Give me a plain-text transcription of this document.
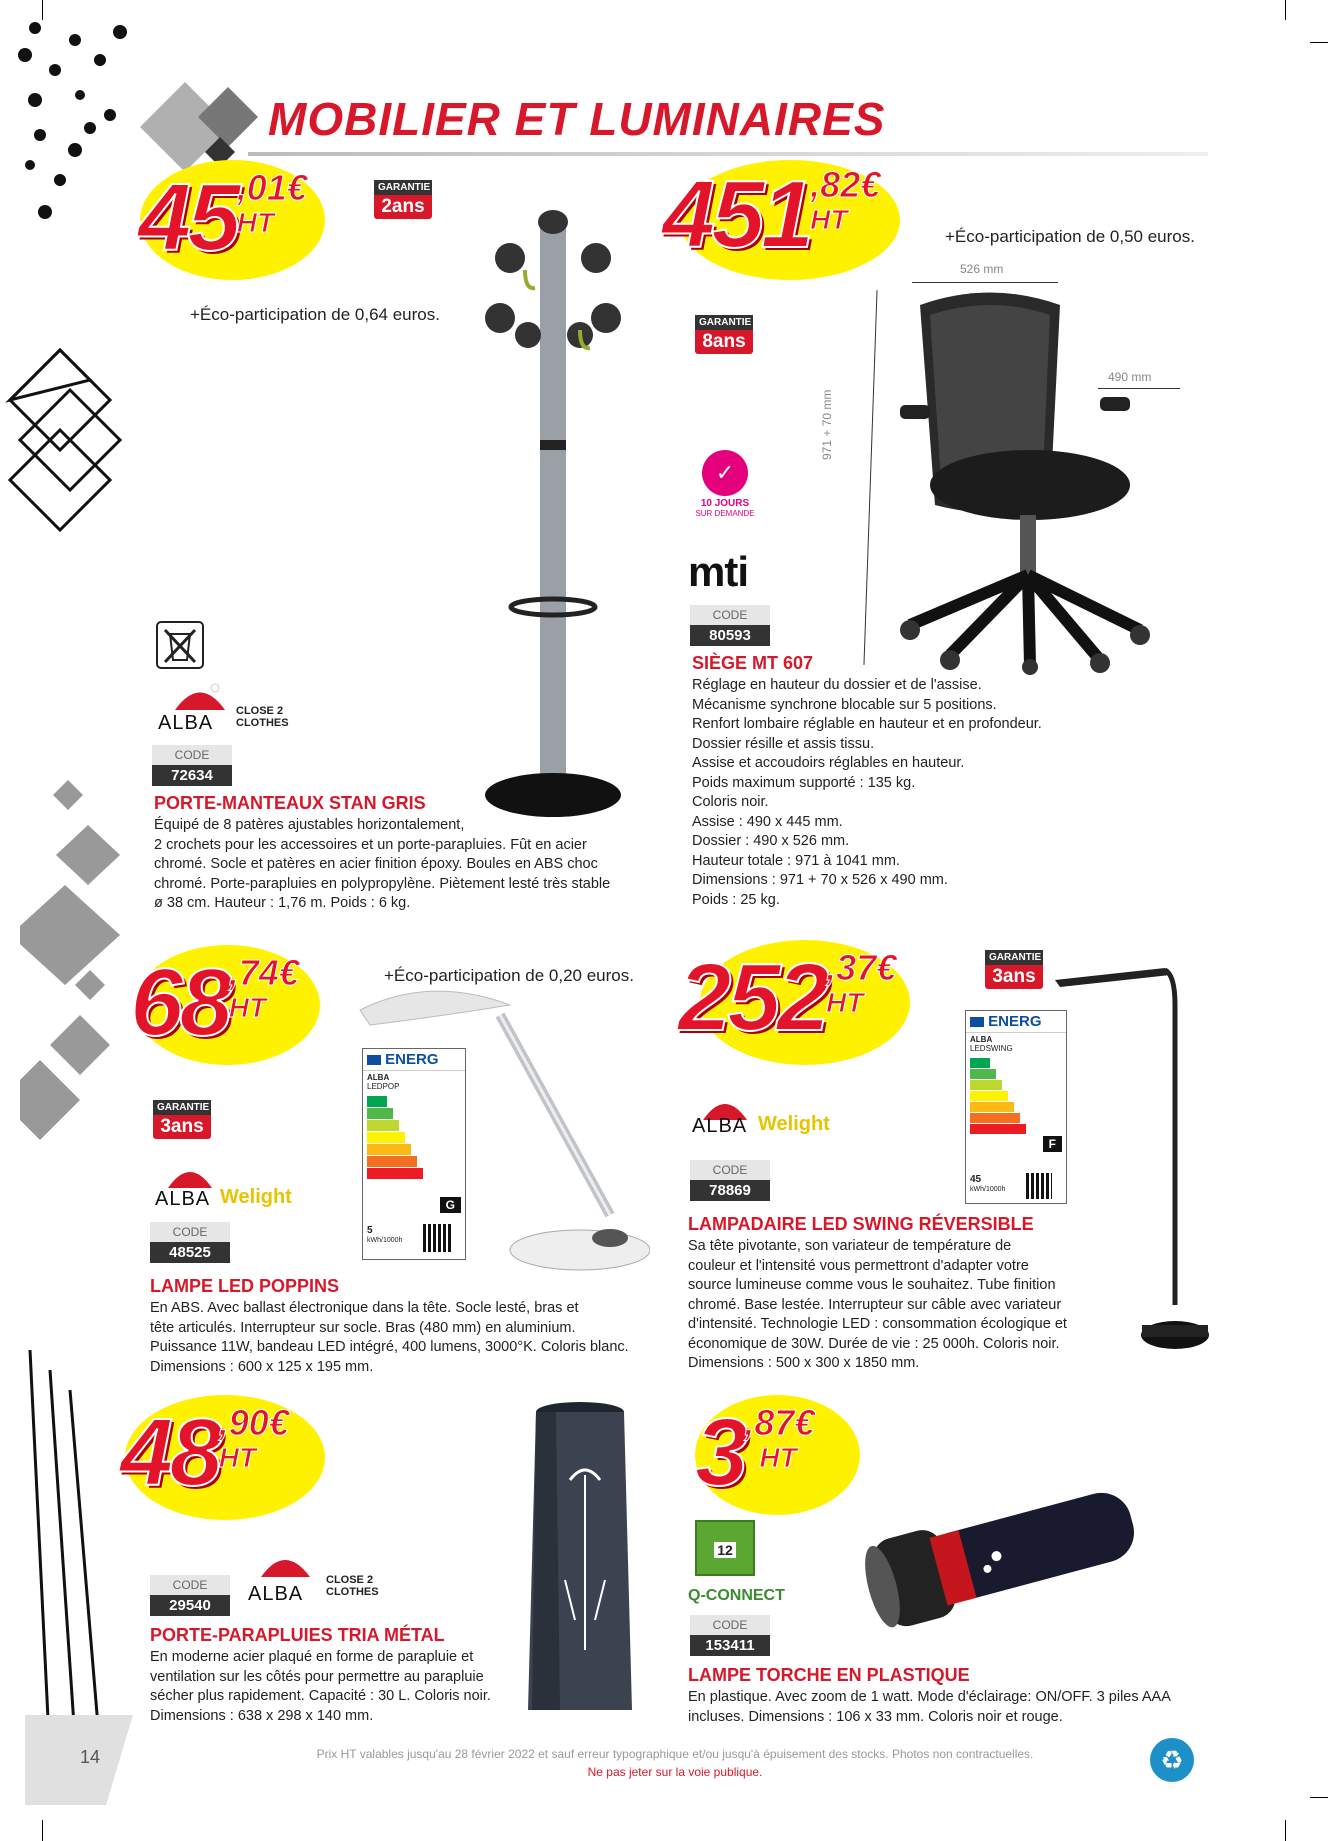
MOBILIER ET LUMINAIRES
45 ,01€
HT
GARANTIE
2ans
+Éco-participation de 0,64 euros.
ALBA
CLOSE 2 CLOTHES
CODE
72634
PORTE-MANTEAUX STAN GRIS
Équipé de 8 patères ajustables horizontalement,
2 crochets pour les accessoires et un porte-parapluies. Fût en acier
chromé. Socle et patères en acier finition époxy. Boules en ABS choc
chromé. Porte-parapluies en polypropylène. Piètement lesté très stable
ø 38 cm. Hauteur : 1,76 m. Poids : 6 kg.
451 ,82€
HT
+Éco-participation de 0,50 euros.
GARANTIE
8ans
✓
10 JOURS
SUR DEMANDE
mti
CODE
80593
526 mm
490 mm
971 + 70 mm
SIÈGE MT 607
Réglage en hauteur du dossier et de l'assise.
Mécanisme synchrone blocable sur 5 positions.
Renfort lombaire réglable en hauteur et en profondeur.
Dossier résille et assis tissu.
Assise et accoudoirs réglables en hauteur.
Poids maximum supporté : 135 kg.
Coloris noir.
Assise : 490 x 445 mm.
Dossier : 490 x 526 mm.
Hauteur totale : 971 à 1041 mm.
Dimensions : 971 + 70 x 526 x 490 mm.
Poids : 25 kg.
68 ,74€
HT
+Éco-participation de 0,20 euros.
GARANTIE
3ans
ALBA Welight
CODE
48525
ENERG
ALBA
LEDPOP
G
5
kWh/1000h
LAMPE LED POPPINS
En ABS. Avec ballast électronique dans la tête. Socle lesté, bras et
tête articulés. Interrupteur sur socle. Bras (480 mm) en aluminium.
Puissance 11W, bandeau LED intégré, 400 lumens, 3000°K. Coloris blanc.
Dimensions : 600 x 125 x 195 mm.
252 ,37€
HT
GARANTIE
3ans
ALBA Welight
CODE
78869
ENERG
ALBA
LEDSWING
F
45
kWh/1000h
LAMPADAIRE LED SWING RÉVERSIBLE
Sa tête pivotante, son variateur de température de
couleur et l'intensité vous permettront d'adapter votre
source lumineuse comme vous le souhaitez. Tube finition
chromé. Base lestée. Interrupteur sur câble avec variateur
d'intensité. Technologie LED : consommation écologique et
économique de 30W. Durée de vie : 25 000h. Coloris noir.
Dimensions : 500 x 300 x 1850 mm.
48 ,90€
HT
CODE
29540
ALBA
CLOSE 2 CLOTHES
PORTE-PARAPLUIES TRIA MÉTAL
En moderne acier plaqué en forme de parapluie et
ventilation sur les côtés pour permettre au parapluie
sécher plus rapidement. Capacité : 30 L. Coloris noir.
Dimensions : 638 x 298 x 140 mm.
3 ,87€
HT
12
Q-CONNECT
CODE
153411
LAMPE TORCHE EN PLASTIQUE
En plastique. Avec zoom de 1 watt. Mode d'éclairage: ON/OFF. 3 piles AAA
incluses. Dimensions : 106 x 33 mm. Coloris noir et rouge.
14	Prix HT valables jusqu'au 28 février 2022 et sauf erreur typographique et/ou jusqu'à épuisement des stocks. Photos non contractuelles.
Ne pas jeter sur la voie publique.	♻
